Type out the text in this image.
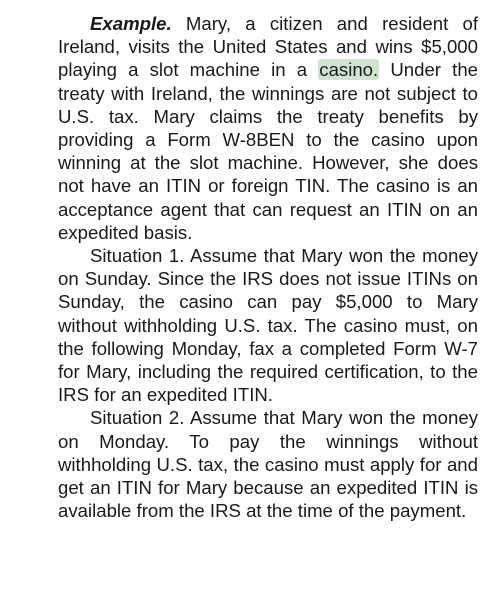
Example. Mary, a citizen and resident of Ireland, visits the United States and wins $5,000 playing a slot machine in a casino. Under the treaty with Ireland, the winnings are not subject to U.S. tax. Mary claims the treaty benefits by providing a Form W-8BEN to the casino upon winning at the slot machine. However, she does not have an ITIN or foreign TIN. The casino is an acceptance agent that can request an ITIN on an expedited basis.

Situation 1. Assume that Mary won the money on Sunday. Since the IRS does not issue ITINs on Sunday, the casino can pay $5,000 to Mary without withholding U.S. tax. The casino must, on the following Monday, fax a completed Form W-7 for Mary, including the required certification, to the IRS for an expedited ITIN.

Situation 2. Assume that Mary won the money on Monday. To pay the winnings without withholding U.S. tax, the casino must apply for and get an ITIN for Mary because an expedited ITIN is available from the IRS at the time of the payment.
